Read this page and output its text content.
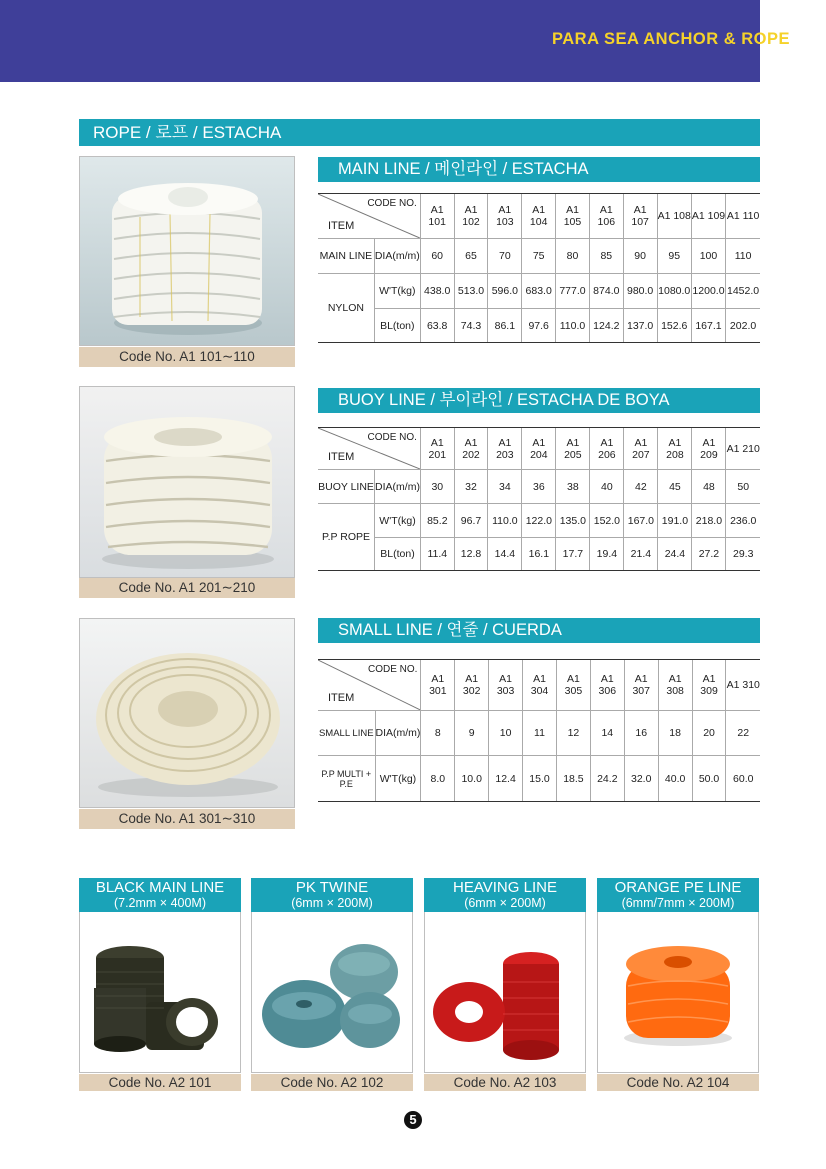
PARA SEA ANCHOR & ROPE
ROPE / 로프 / ESTACHA
Code No. A1 101∼110
Code No. A1 201∼210
Code No. A1 301∼310
MAIN LINE / 메인라인 / ESTACHA
CODE NO.
ITEM		A1 101	A1 102	A1 103	A1 104	A1 105	A1 106	A1 107	A1 108	A1 109	A1 110
MAIN LINE	DIA(m/m)	60	65	70	75	80	85	90	95	100	110
NYLON	W'T(kg)	438.0	513.0	596.0	683.0	777.0	874.0	980.0	1080.0	1200.0	1452.0
	BL(ton)	63.8	74.3	86.1	97.6	110.0	124.2	137.0	152.6	167.1	202.0
BUOY LINE / 부이라인 / ESTACHA DE BOYA
CODE NO.
ITEM		A1 201	A1 202	A1 203	A1 204	A1 205	A1 206	A1 207	A1 208	A1 209	A1 210
BUOY LINE	DIA(m/m)	30	32	34	36	38	40	42	45	48	50
P.P ROPE	W'T(kg)	85.2	96.7	110.0	122.0	135.0	152.0	167.0	191.0	218.0	236.0
	BL(ton)	11.4	12.8	14.4	16.1	17.7	19.4	21.4	24.4	27.2	29.3
SMALL LINE / 연줄 / CUERDA
CODE NO.
ITEM		A1 301	A1 302	A1 303	A1 304	A1 305	A1 306	A1 307	A1 308	A1 309	A1 310
SMALL LINE	DIA(m/m)	8	9	10	11	12	14	16	18	20	22
P.P MULTI + P.E	W'T(kg)	8.0	10.0	12.4	15.0	18.5	24.2	32.0	40.0	50.0	60.0
BLACK MAIN LINE
(7.2mm × 400M)
Code No. A2 101
PK TWINE
(6mm × 200M)
Code No. A2 102
HEAVING LINE
(6mm × 200M)
Code No. A2 103
ORANGE PE LINE
(6mm/7mm × 200M)
Code No. A2 104
5
